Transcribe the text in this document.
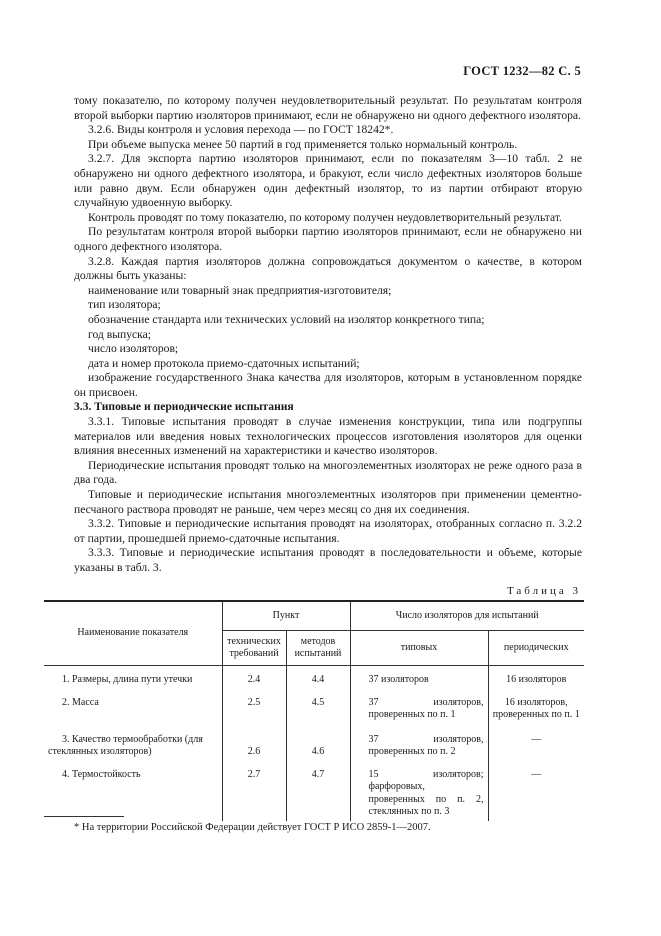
ГОСТ 1232—82 С. 5

тому показателю, по которому получен неудовлетворительный результат. По результатам контроля второй выборки партию изоляторов принимают, если не обнаружено ни одного дефектного изолятора.

3.2.6. Виды контроля и условия перехода — по ГОСТ 18242*.

При объеме выпуска менее 50 партий в год применяется только нормальный контроль.

3.2.7. Для экспорта партию изоляторов принимают, если по показателям 3—10 табл. 2 не обнаружено ни одного дефектного изолятора, и бракуют, если число дефектных изоляторов больше или равно двум. Если обнаружен один дефектный изолятор, то из партии отбирают вторую случайную удвоенную выборку.

Контроль проводят по тому показателю, по которому получен неудовлетворительный результат.

По результатам контроля второй выборки партию изоляторов принимают, если не обнаружено ни одного дефектного изолятора.

3.2.8. Каждая партия изоляторов должна сопровождаться документом о качестве, в котором должны быть указаны:

наименование или товарный знак предприятия-изготовителя;

тип изолятора;

обозначение стандарта или технических условий на изолятор конкретного типа;

год выпуска;

число изоляторов;

дата и номер протокола приемо-сдаточных испытаний;

изображение государственного Знака качества для изоляторов, которым в установленном порядке он присвоен.

3.3. Типовые и периодические испытания

3.3.1. Типовые испытания проводят в случае изменения конструкции, типа или подгруппы материалов или введения новых технологических процессов изготовления изоляторов для оценки влияния внесенных изменений на характеристики и качество изоляторов.

Периодические испытания проводят только на многоэлементных изоляторах не реже одного раза в два года.

Типовые и периодические испытания многоэлементных изоляторов при применении цементно-песчаного раствора проводят не раньше, чем через месяц со дня их соединения.

3.3.2. Типовые и периодические испытания проводят на изоляторах, отобранных согласно п. 3.2.2 от партии, прошедшей приемо-сдаточные испытания.

3.3.3. Типовые и периодические испытания проводят в последовательности и объеме, которые указаны в табл. 3.

Таблица 3
Наименование показателя	Пункт		Число изоляторов для испытаний	
	технических требований	методов испытаний	типовых	периодических
1. Размеры, длина пути утечки	2.4	4.4	37 изоляторов	16 изоляторов
2. Масса	2.5	4.5	37 изоляторов, проверенных по п. 1	16 изоляторов, проверенных по п. 1
3. Качество термообработки (для стеклянных изоляторов)	2.6	4.6	37 изоляторов, проверенных по п. 2	—
4. Термостойкость	2.7	4.7	15 изоляторов; фарфоровых, проверенных по п. 2, стеклянных по п. 3	—
* На территории Российской Федерации действует ГОСТ Р ИСО 2859-1—2007.
